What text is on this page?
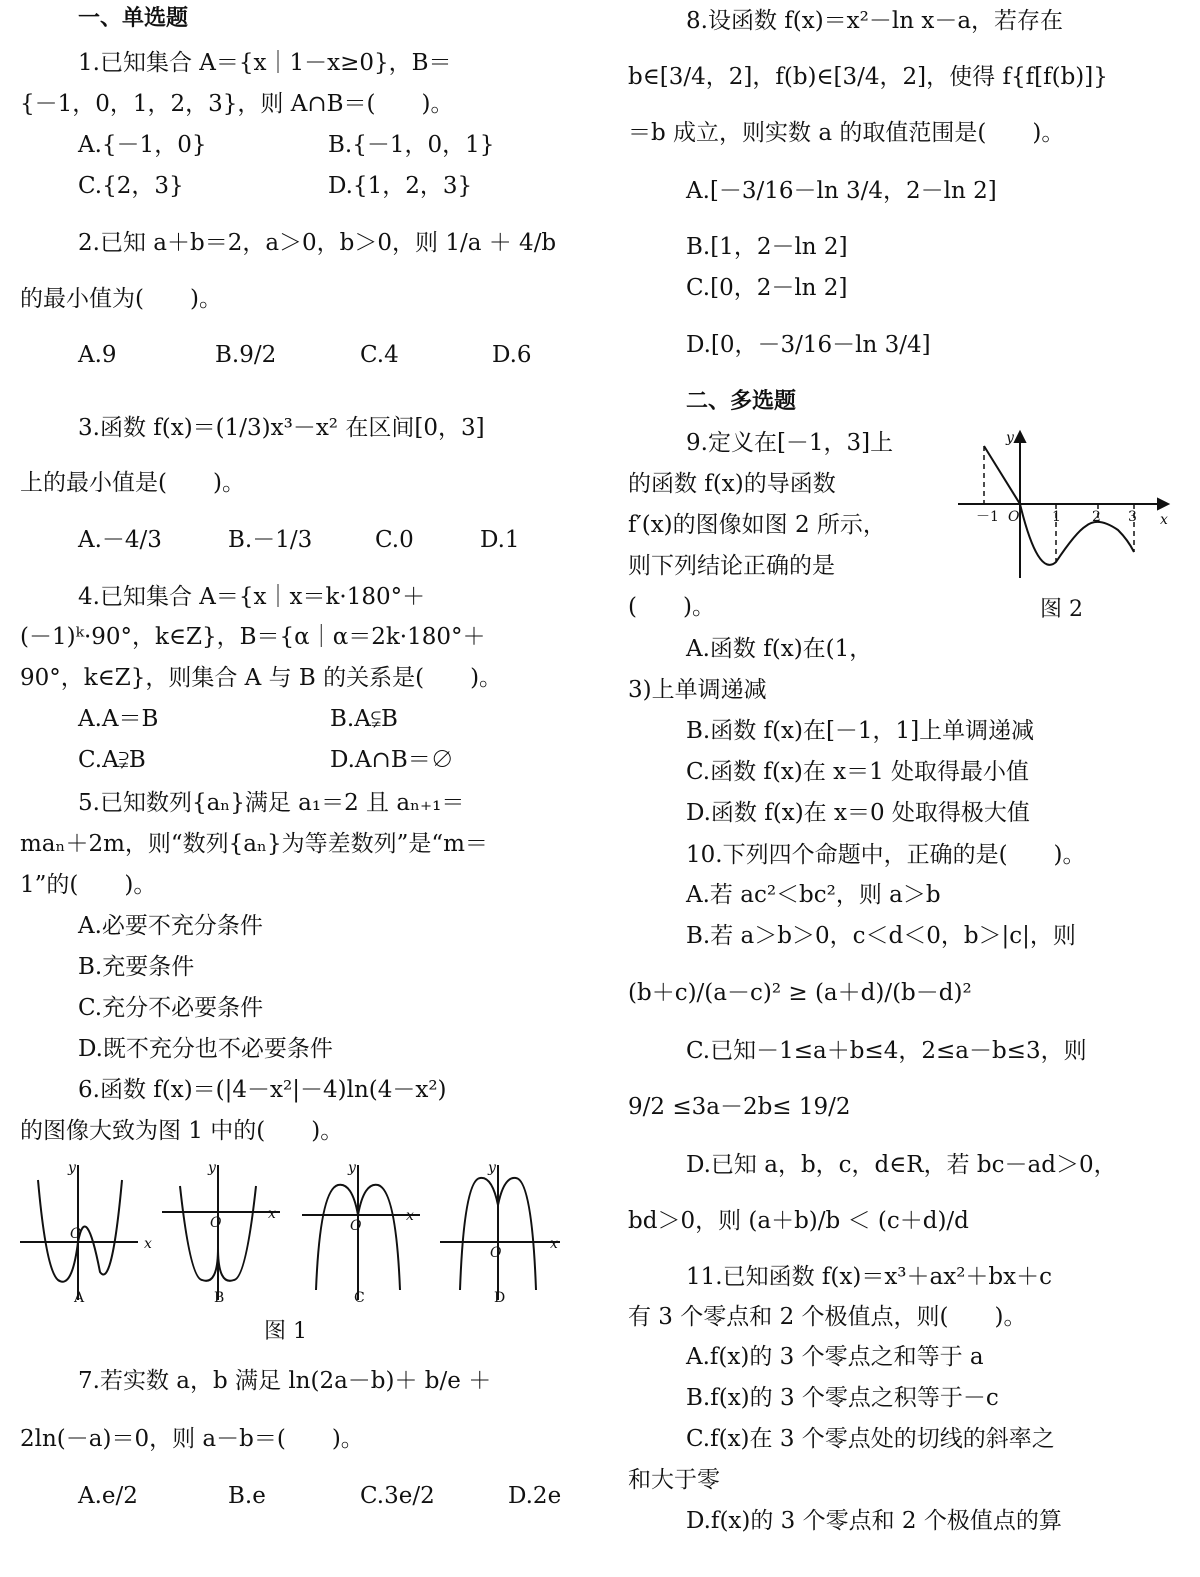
一、单选题
1.已知集合 A＝{x｜1－x≥0}，B＝
{－1，0，1，2，3}，则 A∩B＝(　　)。
A.{－1，0}	B.{－1，0，1}
C.{2，3}	D.{1，2，3}
2.已知 a＋b＝2，a＞0，b＞0，则 1/a ＋ 4/b
的最小值为(　　)。
A.9	B.9/2	C.4	D.6
3.函数 f(x)＝(1/3)x³－x² 在区间[0，3]
上的最小值是(　　)。
A.－4/3	B.－1/3	C.0	D.1
4.已知集合 A＝{x｜x＝k·180°＋
(－1)ᵏ·90°，k∈Z}，B＝{α｜α＝2k·180°＋
90°，k∈Z}，则集合 A 与 B 的关系是(　　)。
A.A＝B	B.A⫋B
C.A⫌B	D.A∩B＝∅
5.已知数列{aₙ}满足 a₁＝2 且 aₙ₊₁＝
maₙ＋2m，则“数列{aₙ}为等差数列”是“m＝
1”的(　　)。
A.必要不充分条件
B.充要条件
C.充分不必要条件
D.既不充分也不必要条件
6.函数 f(x)＝(|4－x²|－4)ln(4－x²)
的图像大致为图 1 中的(　　)。
O
O	O
O
x
x	x
x
y	y	y	y
A	B	C	D
图 1
7.若实数 a，b 满足 ln(2a－b)＋ b/e ＋
2ln(－a)＝0，则 a－b＝(　　)。
A.e/2	B.e	C.3e/2	D.2e
8.设函数 f(x)＝x²－ln x－a，若存在
b∈[3/4，2]，f(b)∈[3/4，2]，使得 f{f[f(b)]}
＝b 成立，则实数 a 的取值范围是(　　)。
A.[－3/16－ln 3/4，2－ln 2]
B.[1，2－ln 2]
C.[0，2－ln 2]
D.[0，－3/16－ln 3/4]
二、多选题
9.定义在[－1，3]上
的函数 f(x)的导函数
f′(x)的图像如图 2 所示，
则下列结论正确的是
(　　)。
－1 O 1 2 3 x
y
图 2
A.函数 f(x)在(1，
3)上单调递减
B.函数 f(x)在[－1，1]上单调递减
C.函数 f(x)在 x＝1 处取得最小值
D.函数 f(x)在 x＝0 处取得极大值
10.下列四个命题中，正确的是(　　)。
A.若 ac²＜bc²，则 a＞b
B.若 a＞b＞0，c＜d＜0，b＞|c|，则
(b＋c)/(a－c)² ≥ (a＋d)/(b－d)²
C.已知－1≤a＋b≤4，2≤a－b≤3，则
9/2 ≤3a－2b≤ 19/2
D.已知 a，b，c，d∈R，若 bc－ad＞0，
bd＞0，则 (a＋b)/b ＜ (c＋d)/d
11.已知函数 f(x)＝x³＋ax²＋bx＋c
有 3 个零点和 2 个极值点，则(　　)。
A.f(x)的 3 个零点之和等于 a
B.f(x)的 3 个零点之积等于－c
C.f(x)在 3 个零点处的切线的斜率之
和大于零
D.f(x)的 3 个零点和 2 个极值点的算
